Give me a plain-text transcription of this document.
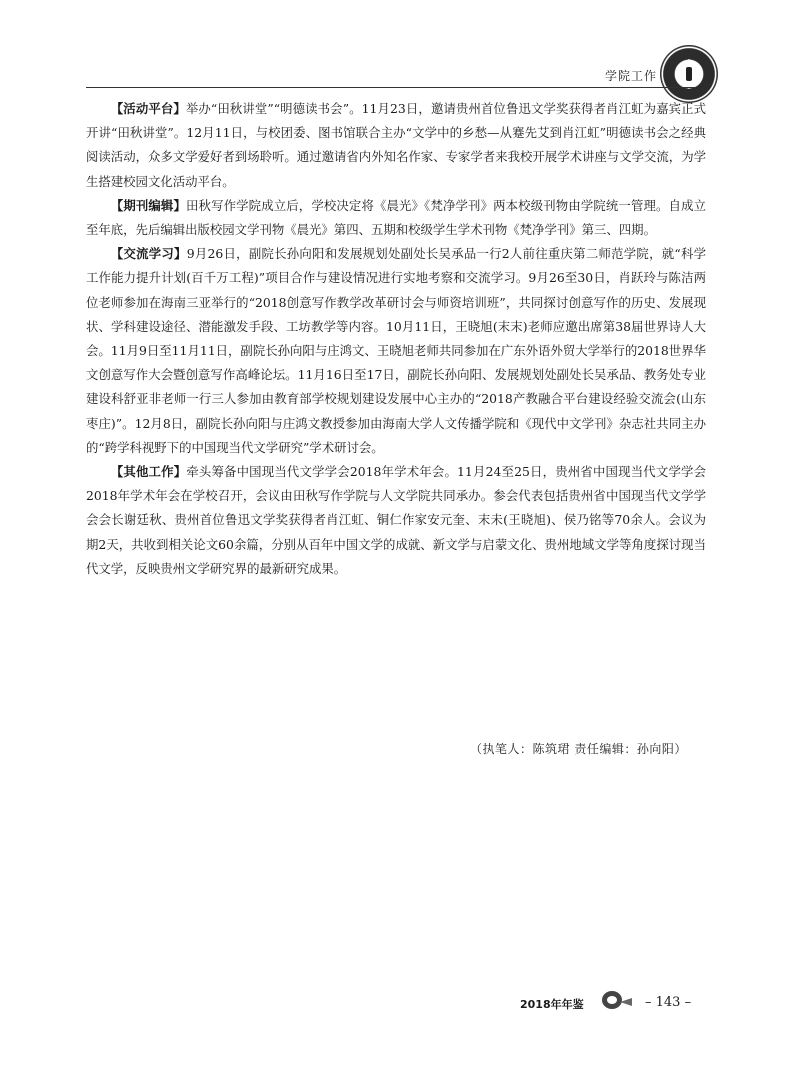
学院工作

【活动平台】举办“田秋讲堂”“明德读书会”。11月23日，邀请贵州首位鲁迅文学奖获得者肖江虹为嘉宾正式开讲“田秋讲堂”。12月11日，与校团委、图书馆联合主办“文学中的乡愁—从蹇先艾到肖江虹”明德读书会之经典阅读活动，众多文学爱好者到场聆听。通过邀请省内外知名作家、专家学者来我校开展学术讲座与文学交流，为学生搭建校园文化活动平台。

【期刊编辑】田秋写作学院成立后，学校决定将《晨光》《梵净学刊》两本校级刊物由学院统一管理。自成立至年底，先后编辑出版校园文学刊物《晨光》第四、五期和校级学生学术刊物《梵净学刊》第三、四期。

【交流学习】9月26日，副院长孙向阳和发展规划处副处长吴承品一行2人前往重庆第二师范学院，就“科学工作能力提升计划(百千万工程)”项目合作与建设情况进行实地考察和交流学习。9月26至30日，肖跃玲与陈洁两位老师参加在海南三亚举行的“2018创意写作教学改革研讨会与师资培训班”，共同探讨创意写作的历史、发展现状、学科建设途径、潜能激发手段、工坊教学等内容。10月11日，王晓旭(末末)老师应邀出席第38届世界诗人大会。11月9日至11月11日，副院长孙向阳与庄鸿文、王晓旭老师共同参加在广东外语外贸大学举行的2018世界华文创意写作大会暨创意写作高峰论坛。11月16日至17日，副院长孙向阳、发展规划处副处长吴承品、教务处专业建设科舒亚非老师一行三人参加由教育部学校规划建设发展中心主办的“2018产教融合平台建设经验交流会(山东枣庄)”。12月8日，副院长孙向阳与庄鸿文教授参加由海南大学人文传播学院和《现代中文学刊》杂志社共同主办的“跨学科视野下的中国现当代文学研究”学术研讨会。

【其他工作】牵头筹备中国现当代文学学会2018年学术年会。11月24至25日，贵州省中国现当代文学学会2018年学术年会在学校召开，会议由田秋写作学院与人文学院共同承办。参会代表包括贵州省中国现当代文学学会会长谢廷秋、贵州首位鲁迅文学奖获得者肖江虹、铜仁作家安元奎、末未(王晓旭)、侯乃铭等70余人。会议为期2天，共收到相关论文60余篇，分别从百年中国文学的成就、新文学与启蒙文化、贵州地域文学等角度探讨现当代文学，反映贵州文学研究界的最新研究成果。

（执笔人：陈筑珺 责任编辑：孙向阳）
2018年年鉴	– 143 –
